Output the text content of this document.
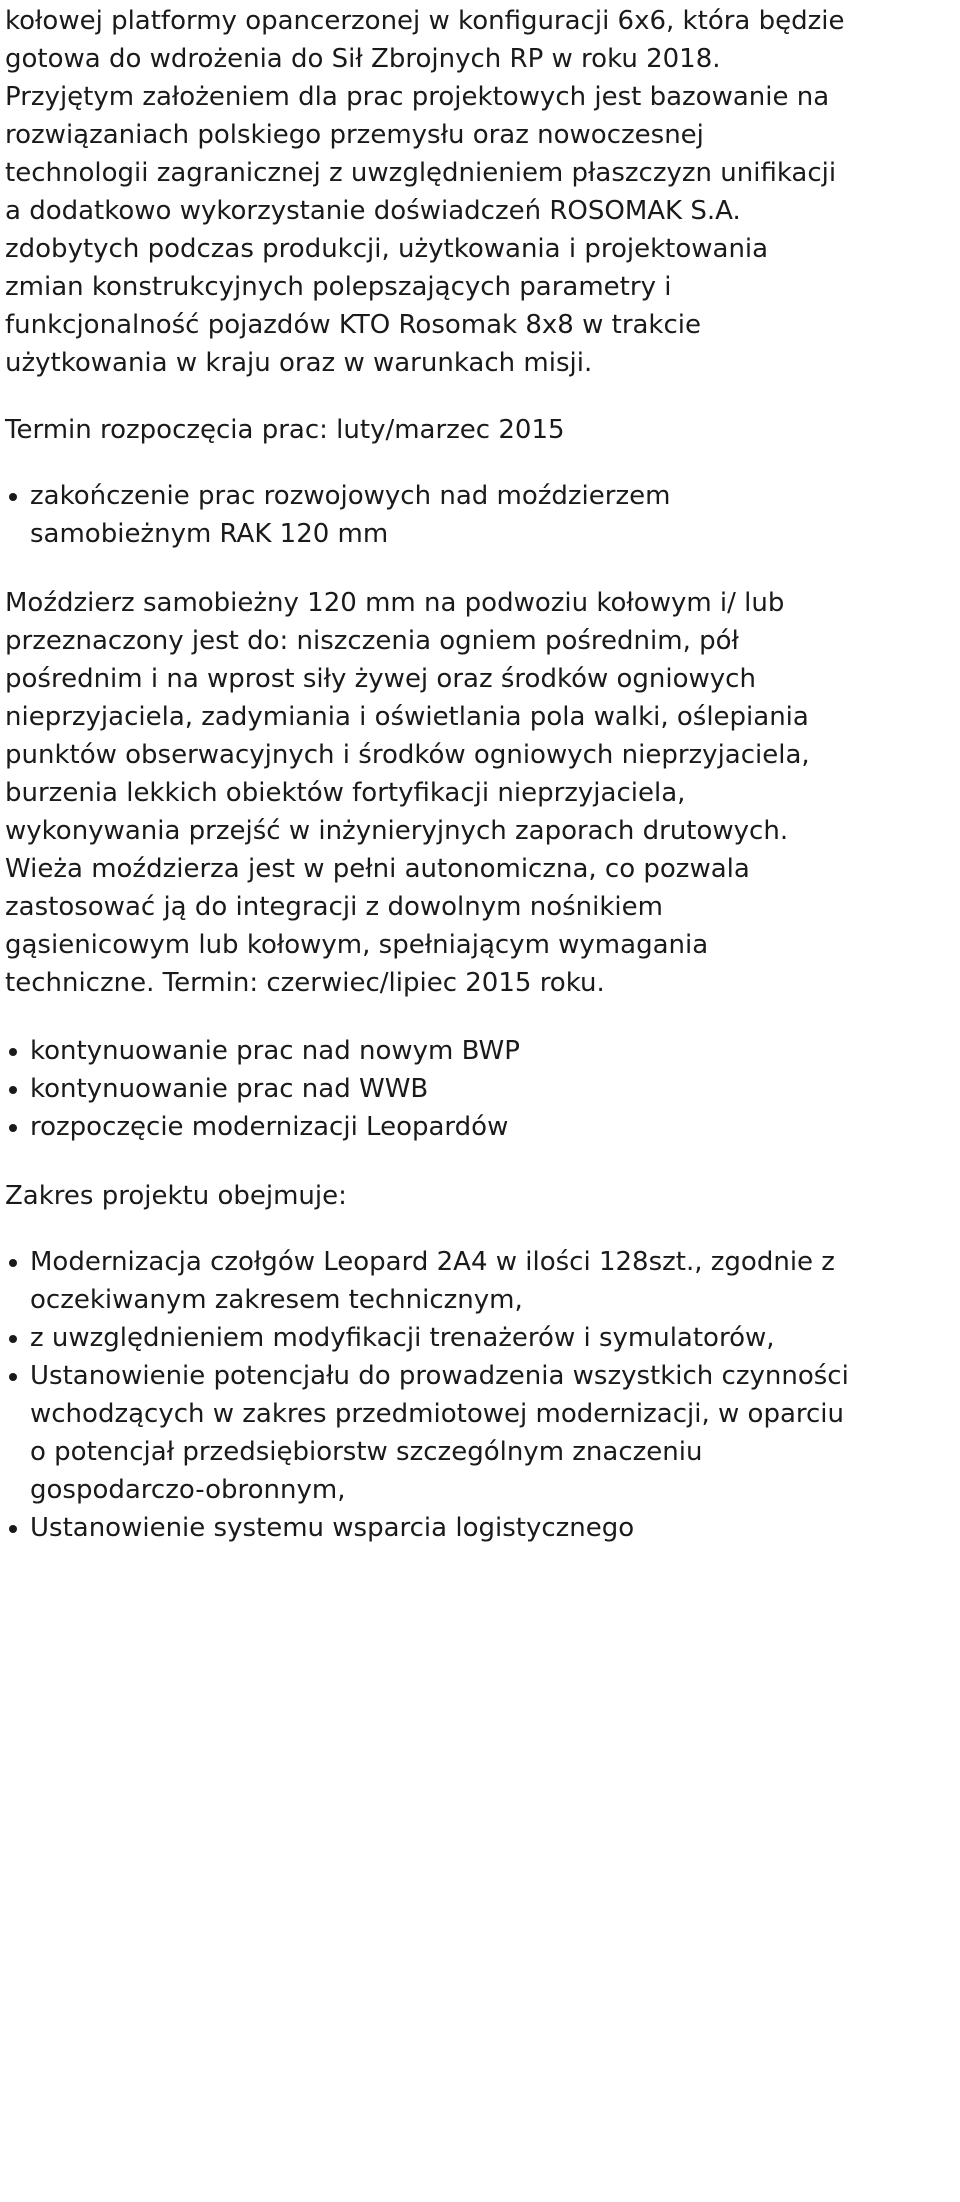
kołowej platformy opancerzonej w konfiguracji 6x6, która będzie
gotowa do wdrożenia do Sił Zbrojnych RP w roku 2018.
Przyjętym założeniem dla prac projektowych jest bazowanie na
rozwiązaniach polskiego przemysłu oraz nowoczesnej
technologii zagranicznej z uwzględnieniem płaszczyzn unifikacji
a dodatkowo wykorzystanie doświadczeń ROSOMAK S.A.
zdobytych podczas produkcji, użytkowania i projektowania
zmian konstrukcyjnych polepszających parametry i
funkcjonalność pojazdów KTO Rosomak 8x8 w trakcie
użytkowania w kraju oraz w warunkach misji.
Termin rozpoczęcia prac: luty/marzec 2015
zakończenie prac rozwojowych nad moździerzem
samobieżnym RAK 120 mm
Moździerz samobieżny 120 mm na podwoziu kołowym i/ lub
przeznaczony jest do: niszczenia ogniem pośrednim, pół
pośrednim i na wprost siły żywej oraz środków ogniowych
nieprzyjaciela, zadymiania i oświetlania pola walki, oślepiania
punktów obserwacyjnych i środków ogniowych nieprzyjaciela,
burzenia lekkich obiektów fortyfikacji nieprzyjaciela,
wykonywania przejść w inżynieryjnych zaporach drutowych.
Wieża moździerza jest w pełni autonomiczna, co pozwala
zastosować ją do integracji z dowolnym nośnikiem
gąsienicowym lub kołowym, spełniającym wymagania
techniczne. Termin: czerwiec/lipiec 2015 roku.
kontynuowanie prac nad nowym BWP
kontynuowanie prac nad WWB
rozpoczęcie modernizacji Leopardów
Zakres projektu obejmuje:
Modernizacja czołgów Leopard 2A4 w ilości 128szt., zgodnie z
oczekiwanym zakresem technicznym,
z uwzględnieniem modyfikacji trenażerów i symulatorów,
Ustanowienie potencjału do prowadzenia wszystkich czynności
wchodzących w zakres przedmiotowej modernizacji, w oparciu
o potencjał przedsiębiorstw szczególnym znaczeniu
gospodarczo-obronnym,
Ustanowienie systemu wsparcia logistycznego
